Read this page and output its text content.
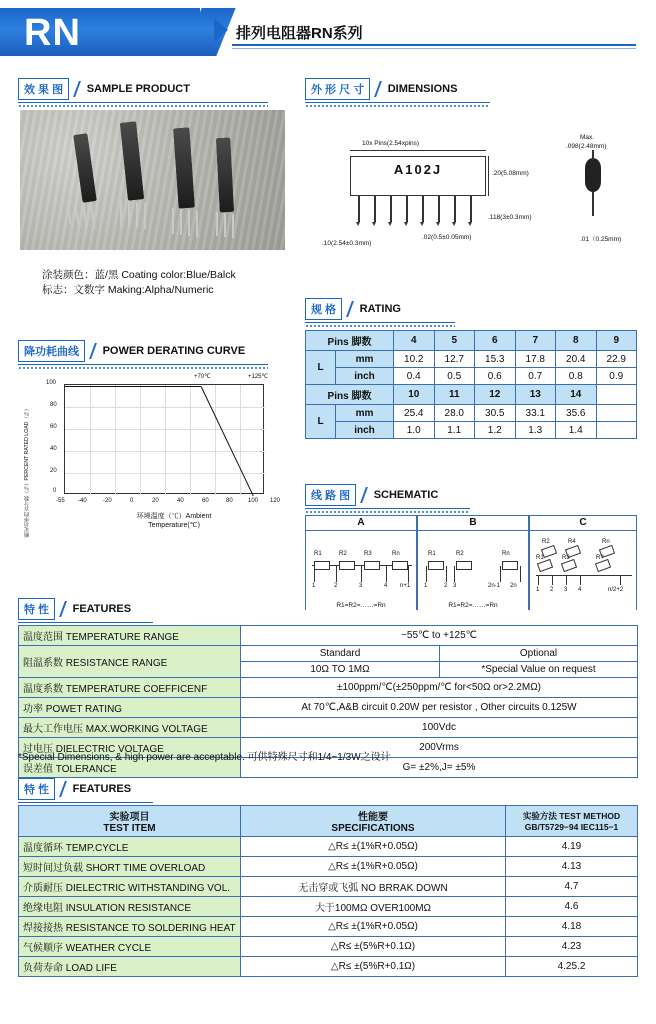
RN	排列电阻器RN系列
效 果 图 SAMPLE PRODUCT
涂装颜色：蓝/黑 Coating color:Blue/Balck
标志：文数字 Making:Alpha/Numeric
降功耗曲线 POWER DERATING CURVE
额定功率的百分数（％）PERCENT RATED LOAD（％）
+70℃	+125℃
100
80
60
40
20
0
-55 -40	-20	0	20	40	60	80	100 120
环境温度（℃）Ambient Temperature(℃)
外 形 尺 寸 DIMENSIONS
10x Pins(2.54xpins)
A102J	.20(5.08mm)
.118(3±0.3mm)
.10(2.54±0.3mm)
.02(0.5±0.05mm)
Max.
.098(2.48mm)
.01（0.25mm)
规 格 RATING
Pins 脚数		4	5	6	7	8	9
L	mm	10.2	12.7	15.3	17.8	20.4	22.9
	inch	0.4	0.5	0.6	0.7	0.8	0.9
Pins 脚数		10	11	12	13	14	
L	mm	25.4	28.0	30.5	33.1	35.6	
	inch	1.0	1.1	1.2	1.3	1.4	
线 路 图 SCHEMATIC
A
R1	R2	R3	Rn
1	2	3	4 n+1
R1=R2=……=Rn
B
R1	R2	Rn
1	2 3	2n-1 2n
R1=R2=……=Rn
C
R2	R4	Rn
R1	R3	R?
1 2 3 4	n/2+2
特 性 FEATURES
温度范围 TEMPERATURE RANGE	−55℃ to +125℃	
阻温系数 RESISTANCE RANGE	Standard	Optional
	10Ω TO 1MΩ	*Special Value on request
温度系数 TEMPERATURE COEFFICENF	±100ppm/℃(±250ppm/℃ for<50Ω or>2.2MΩ)	
功率 POWET RATING	At 70℃,A&B circuit 0.20W per resistor , Other circuits 0.125W	
最大工作电压 MAX.WORKING VOLTAGE	100Vdc	
过电压 DIELECTRIC VOLTAGE	200Vrms	
误差值 TOLERANCE	G= ±2%,J= ±5%	
*Special Dimensions, & high power are acceptable. 可供特殊尺寸和1/4~1/3W之设计
特 性 FEATURES
实验项目
TEST ITEM

性能要
SPECIFICATIONS

实验方法 TEST METHOD
GB/T5729−94 IEC115−1

温度循环 TEMP.CYCLE	△R≤ ±(1%R+0.05Ω)	4.19
短时间过负载 SHORT TIME OVERLOAD	△R≤ ±(1%R+0.05Ω)	4.13
介质耐压 DIELECTRIC WITHSTANDING VOL.	无击穿或飞弧 NO BRRAK DOWN	4.7
绝缘电阻 INSULATION RESISTANCE	大于100MΩ OVER100MΩ	4.6
焊接接热 RESISTANCE TO SOLDERING HEAT	△R≤ ±(1%R+0.05Ω)	4.18
气候顺序 WEATHER CYCLE	△R≤ ±(5%R+0.1Ω)	4.23
负荷寿命 LOAD LIFE	△R≤ ±(5%R+0.1Ω)	4.25.2
